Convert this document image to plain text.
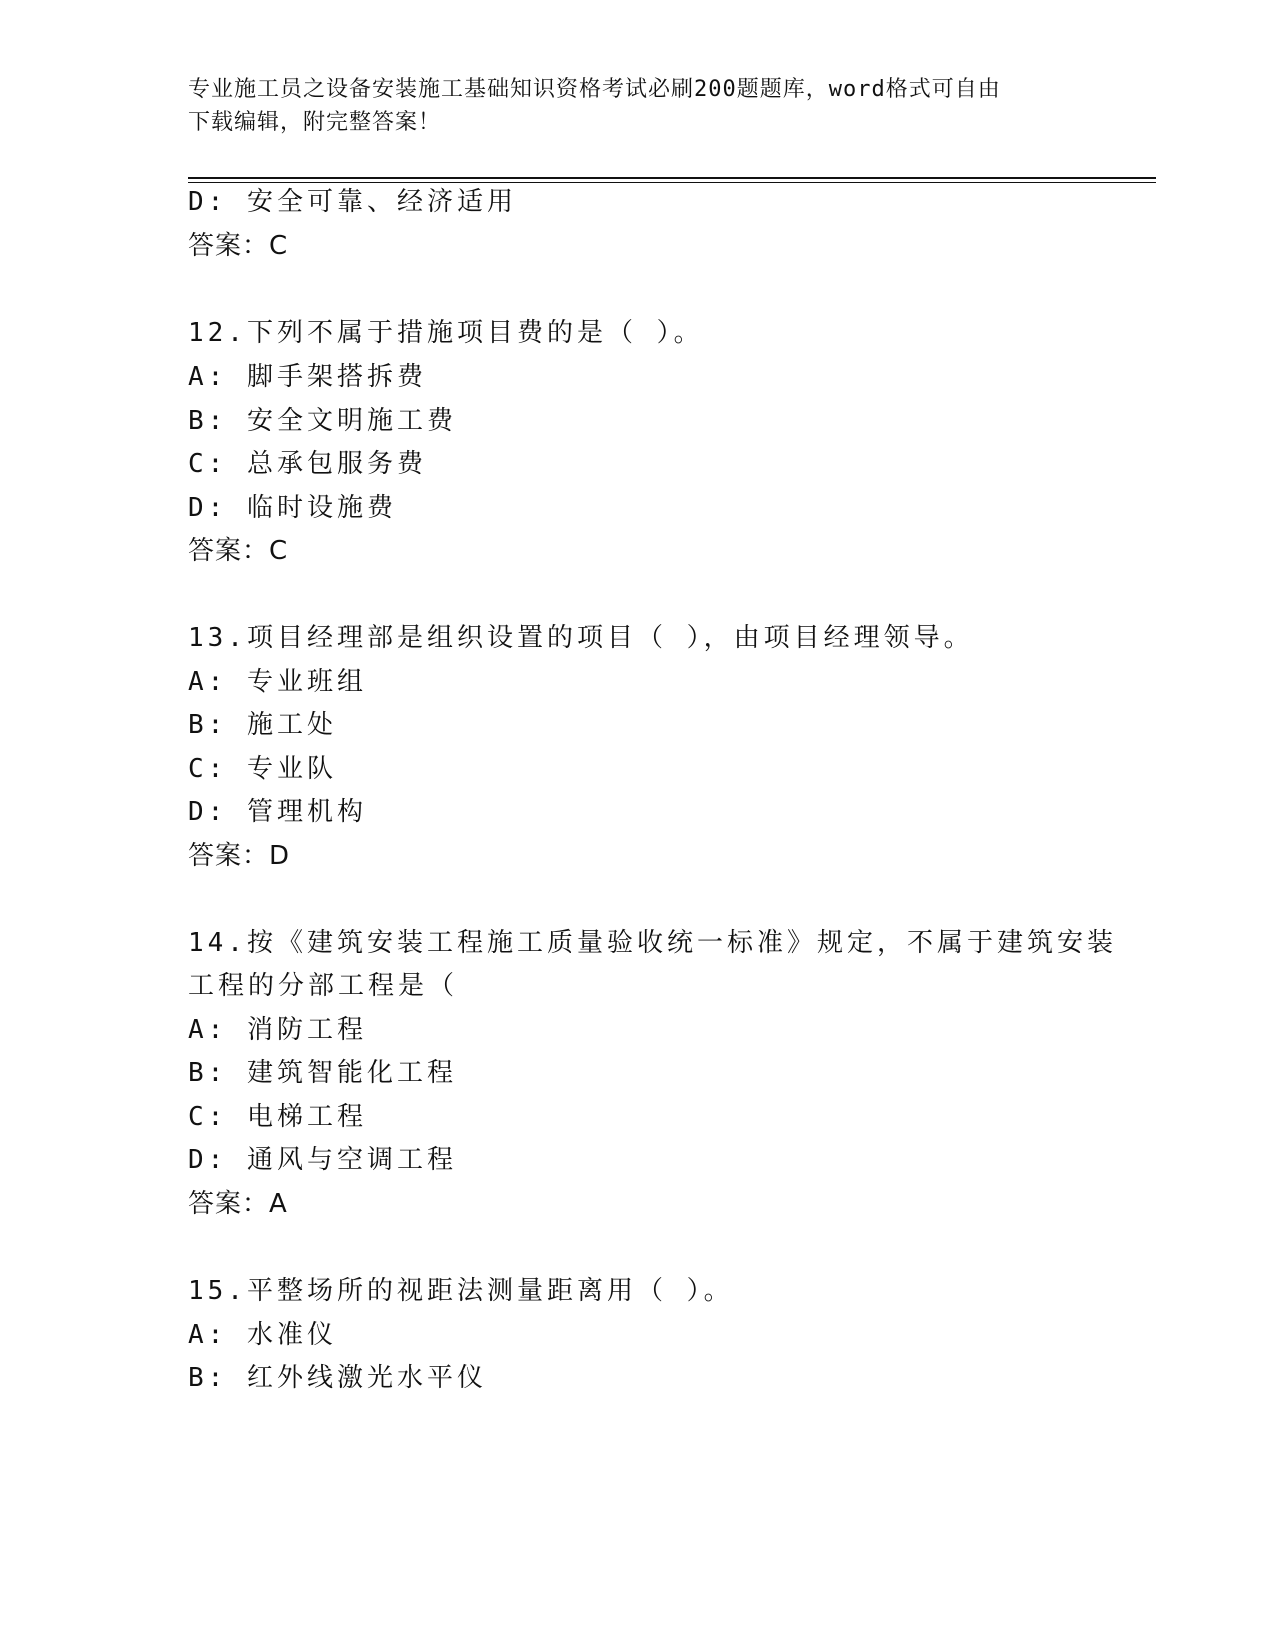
专业施工员之设备安装施工基础知识资格考试必刷200题题库，word格式可自由
下载编辑，附完整答案！
D: 安全可靠、经济适用
答案：C
12.下列不属于措施项目费的是（ ）。
A: 脚手架搭拆费
B: 安全文明施工费
C: 总承包服务费
D: 临时设施费
答案：C
13.项目经理部是组织设置的项目（ ），由项目经理领导。
A: 专业班组
B: 施工处
C: 专业队
D: 管理机构
答案：D
14.按《建筑安装工程施工质量验收统一标准》规定，不属于建筑安装
工程的分部工程是（
A: 消防工程
B: 建筑智能化工程
C: 电梯工程
D: 通风与空调工程
答案：A
15.平整场所的视距法测量距离用（ ）。
A: 水准仪
B: 红外线激光水平仪
